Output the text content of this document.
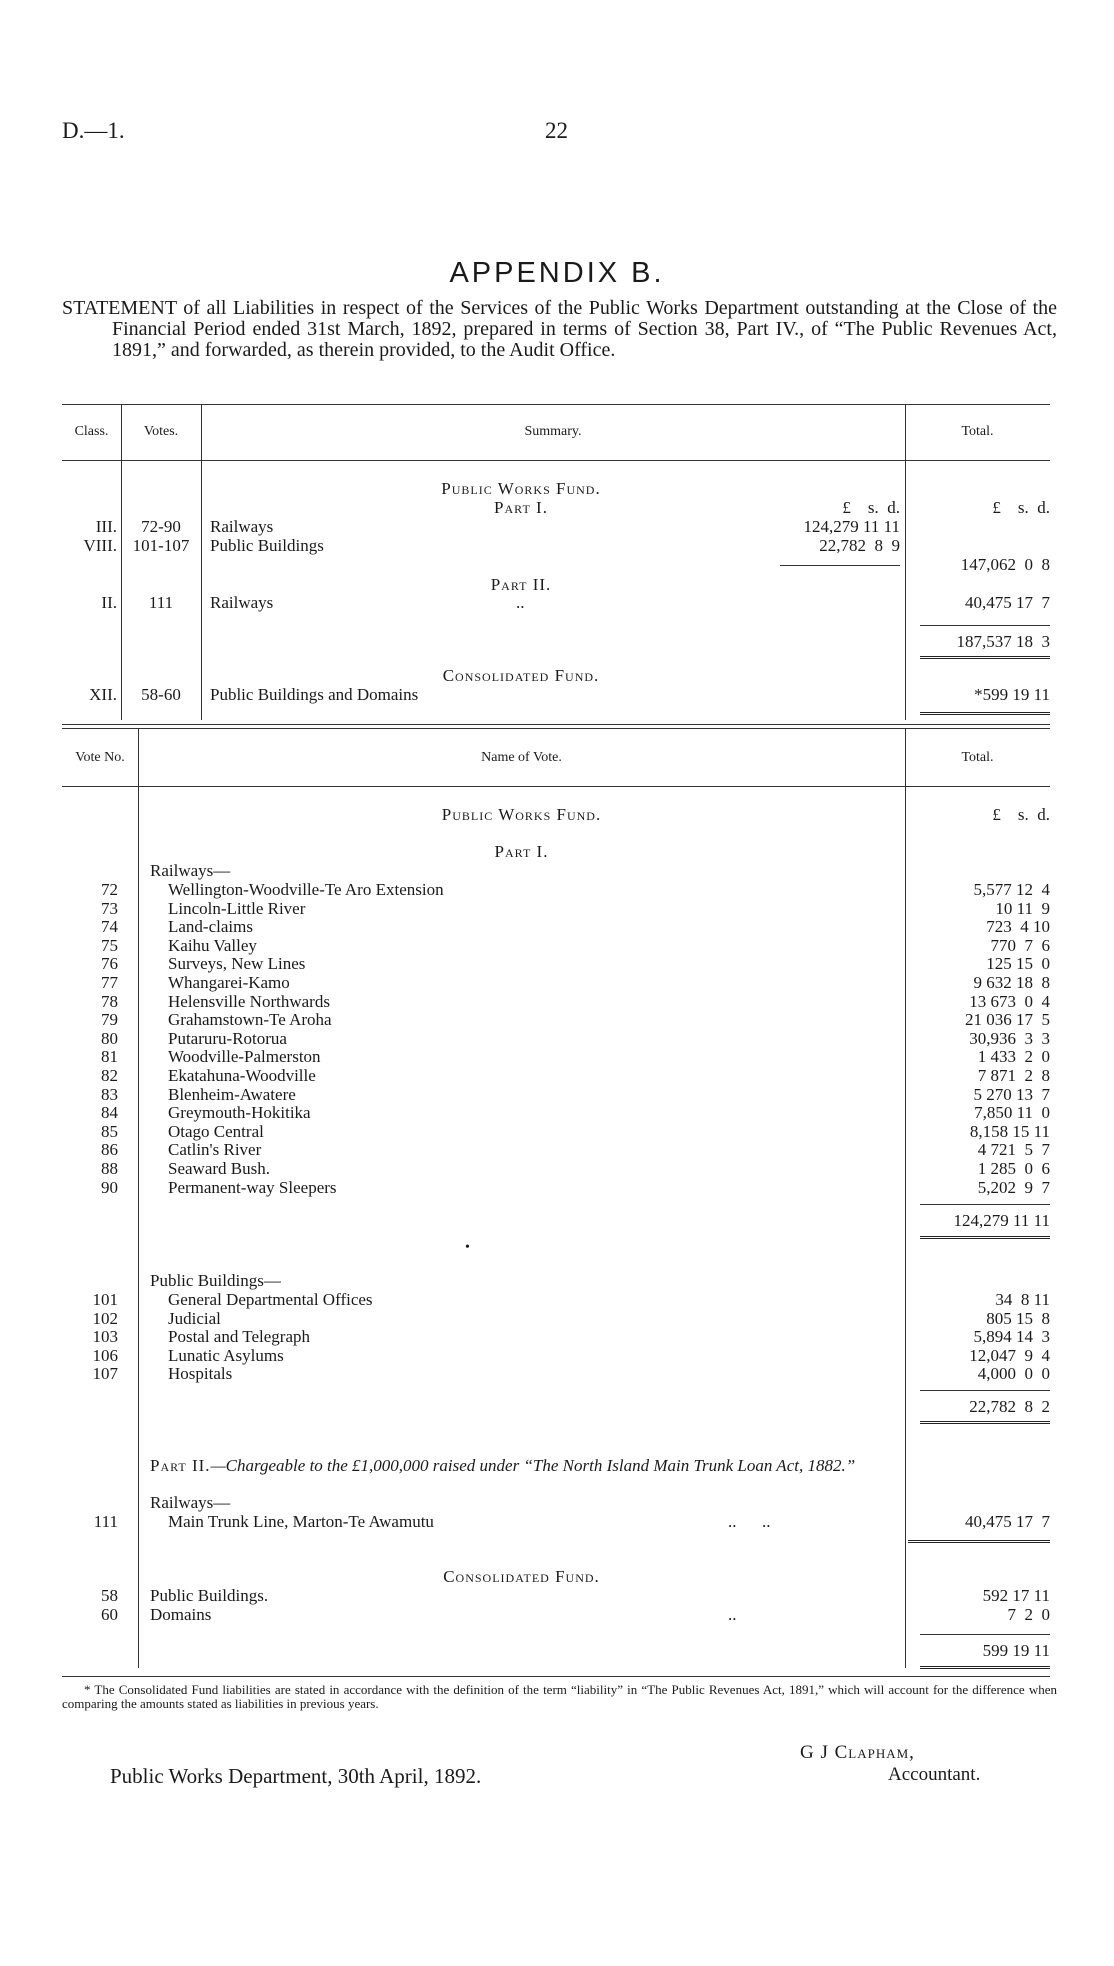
D.—1.	22
APPENDIX B.

STATEMENT of all Liabilities in respect of the Services of the Public Works Department outstanding at the Close of the Financial Period ended 31st March, 1892, prepared in terms of Section 38, Part IV., of “The Public Revenues Act, 1891,” and forwarded, as therein provided, to the Audit Office.

Class.	Votes.	Summary.	Total.
Public Works Fund.
Part I.	£    s.  d.	£    s.  d.
III.	72-90	Railways	124,279 11 11
VIII. 101-107	Public Buildings	22,782  8  9
147,062  0  8
Part II.
II.	111	Railways	..	40,475 17  7
187,537 18  3
Consolidated Fund.
XII.	58-60	Public Buildings and Domains	*599 19 11
Vote No.	Name of Vote.	Total.
Public Works Fund.	£    s.  d.
Part I.
Railways—
72	Wellington-Woodville-Te Aro Extension	5,577 12  4
73	Lincoln-Little River	10 11  9
74	Land-claims	723  4 10
75	Kaihu Valley	770  7  6
76	Surveys, New Lines	125 15  0
77	Whangarei-Kamo	9 632 18  8
78	Helensville Northwards	13 673  0  4
79	Grahamstown-Te Aroha	21 036 17  5
80	Putaruru-Rotorua	30,936  3  3
81	Woodville-Palmerston	1 433  2  0
82	Ekatahuna-Woodville	7 871  2  8
83	Blenheim-Awatere	5 270 13  7
84	Greymouth-Hokitika	7,850 11  0
85	Otago Central	8,158 15 11
86	Catlin's River	4 721  5  7
88	Seaward Bush.	1 285  0  6
90	Permanent-way Sleepers	5,202  9  7
124,279 11 11
•
Public Buildings—
101	General Departmental Offices	34  8 11
102	Judicial	805 15  8
103	Postal and Telegraph	5,894 14  3
106	Lunatic Asylums	12,047  9  4
107	Hospitals	4,000  0  0
22,782  8  2
Part II.—Chargeable to the £1,000,000 raised under “The North Island Main Trunk Loan Act, 1882.”
Railways—
111	Main Trunk Line, Marton-Te Awamutu	..      ..	40,475 17  7
Consolidated Fund.
58 Public Buildings.	592 17 11
60 Domains	..	7  2  0
599 19 11
* The Consolidated Fund liabilities are stated in accordance with the definition of the term “liability” in “The Public Revenues Act, 1891,” which will account for the difference when comparing the amounts stated as liabilities in previous years.
G J Clapham,
Accountant.
Public Works Department, 30th April, 1892.
